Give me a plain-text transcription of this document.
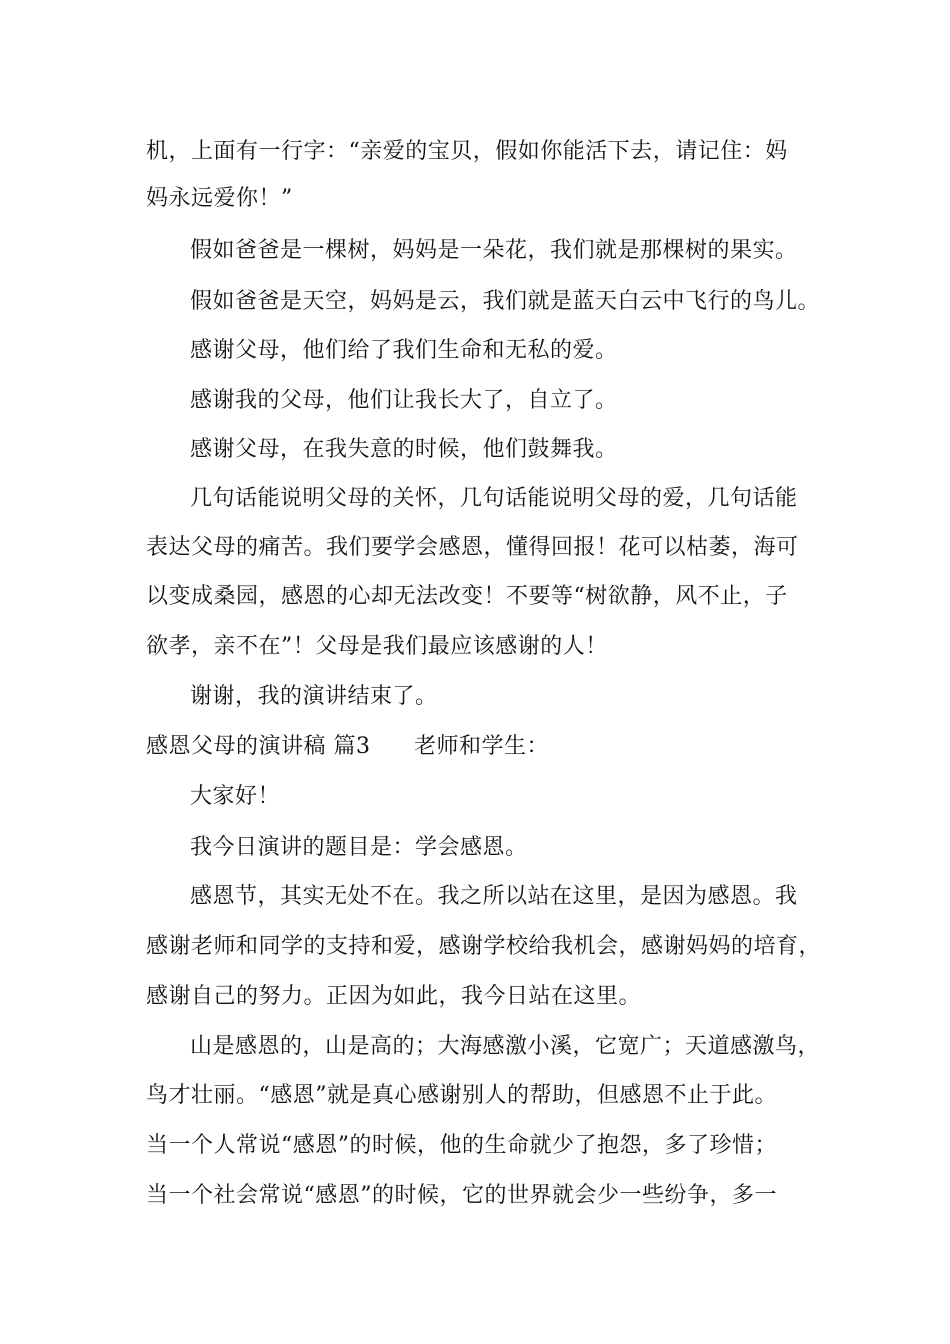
机，上面有一行字：“亲爱的宝贝，假如你能活下去，请记住：妈
妈永远爱你！”
假如爸爸是一棵树，妈妈是一朵花，我们就是那棵树的果实。
假如爸爸是天空，妈妈是云，我们就是蓝天白云中飞行的鸟儿。
感谢父母，他们给了我们生命和无私的爱。
感谢我的父母，他们让我长大了，自立了。
感谢父母，在我失意的时候，他们鼓舞我。
几句话能说明父母的关怀，几句话能说明父母的爱，几句话能
表达父母的痛苦。我们要学会感恩，懂得回报！花可以枯萎，海可
以变成桑园，感恩的心却无法改变！不要等“树欲静，风不止，子
欲孝，亲不在”！父母是我们最应该感谢的人！
谢谢，我的演讲结束了。
感恩父母的演讲稿 篇3 老师和学生：
大家好！
我今日演讲的题目是：学会感恩。
感恩节，其实无处不在。我之所以站在这里，是因为感恩。我
感谢老师和同学的支持和爱，感谢学校给我机会，感谢妈妈的培育，
感谢自己的努力。正因为如此，我今日站在这里。
山是感恩的，山是高的；大海感激小溪，它宽广；天道感激鸟，
鸟才壮丽。“感恩”就是真心感谢别人的帮助，但感恩不止于此。
当一个人常说“感恩”的时候，他的生命就少了抱怨，多了珍惜；
当一个社会常说“感恩”的时候，它的世界就会少一些纷争，多一
